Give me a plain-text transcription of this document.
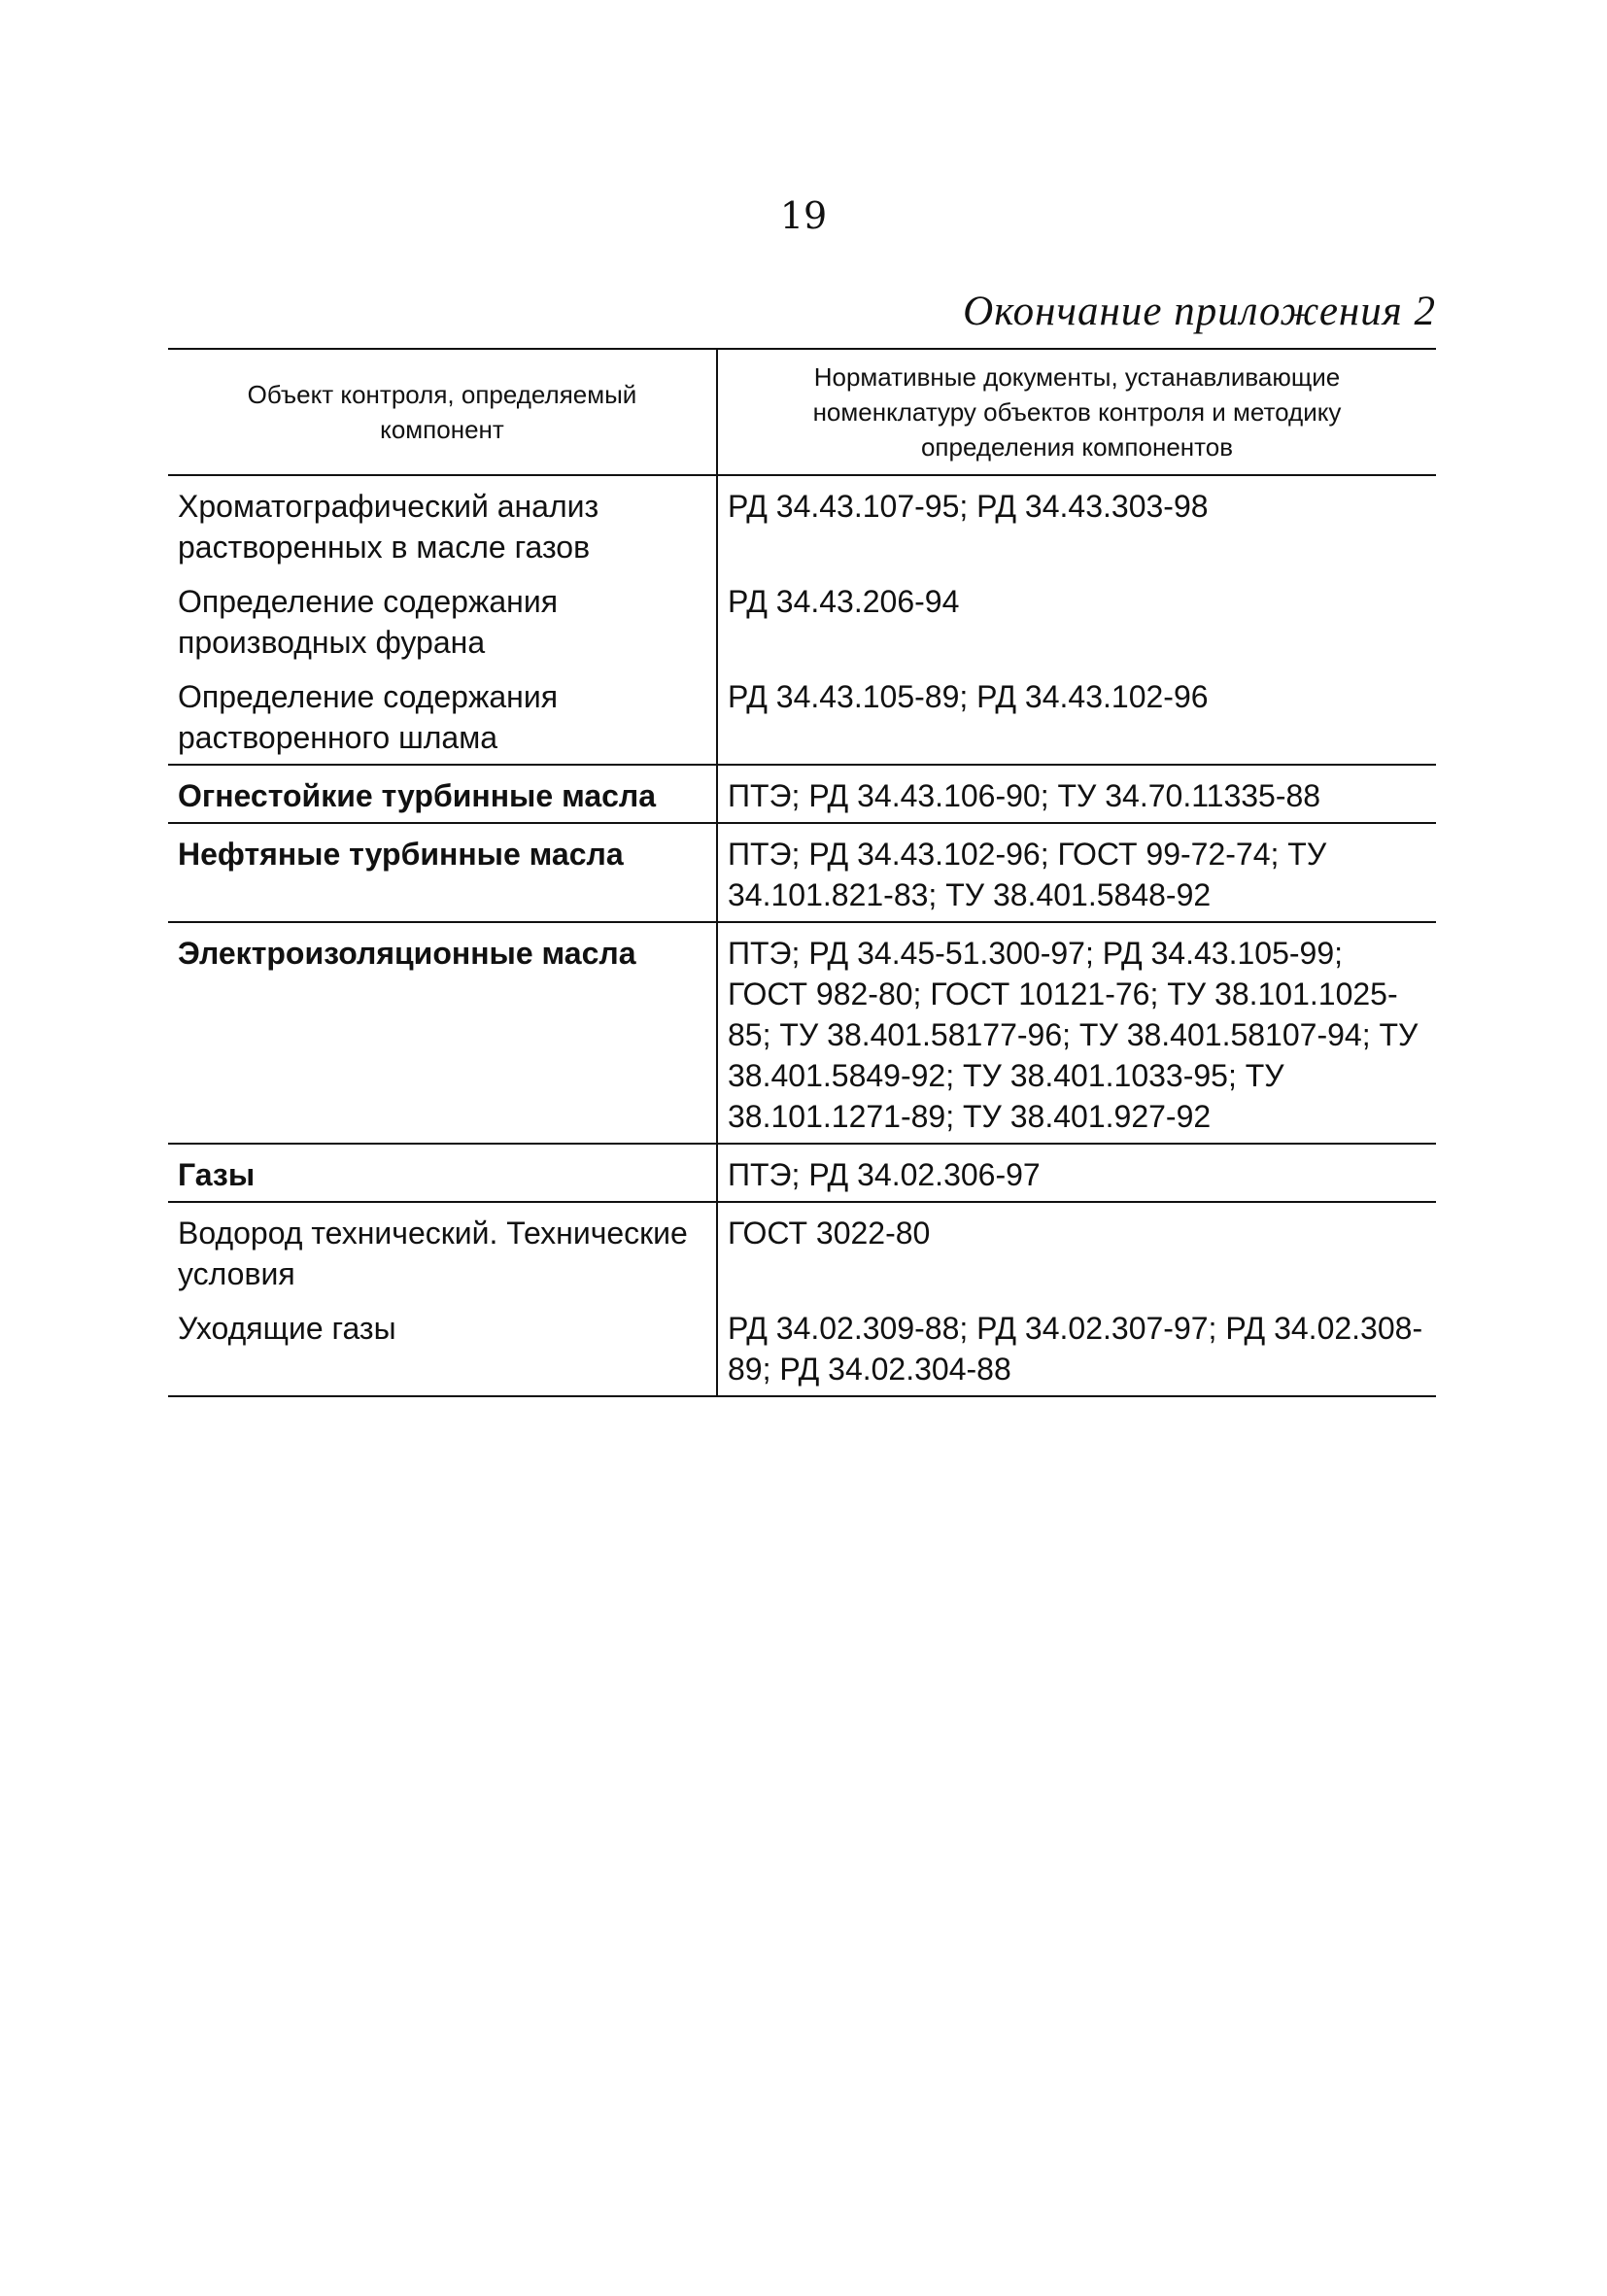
19
Окончание приложения 2
Объект контроля, определяемый компонент	Нормативные документы, устанавливающие номенклатуру объектов контроля и методику определения компонентов
Хроматографический анализ растворенных в масле газов	РД 34.43.107-95; РД 34.43.303-98
Определение содержания производных фурана	РД 34.43.206-94
Определение содержания растворенного шлама	РД 34.43.105-89; РД 34.43.102-96
Огнестойкие турбинные масла	ПТЭ; РД 34.43.106-90; ТУ 34.70.11335-88
Нефтяные турбинные масла	ПТЭ; РД 34.43.102-96; ГОСТ 99-72-74; ТУ 34.101.821-83; ТУ 38.401.5848-92
Электроизоляционные масла	ПТЭ; РД 34.45-51.300-97; РД 34.43.105-99; ГОСТ 982-80; ГОСТ 10121-76; ТУ 38.101.1025-85; ТУ 38.401.58177-96; ТУ 38.401.58107-94; ТУ 38.401.5849-92; ТУ 38.401.1033-95; ТУ 38.101.1271-89; ТУ 38.401.927-92
Газы	ПТЭ; РД 34.02.306-97
Водород технический. Технические условия	ГОСТ 3022-80
Уходящие газы	РД 34.02.309-88; РД 34.02.307-97; РД 34.02.308-89; РД 34.02.304-88
